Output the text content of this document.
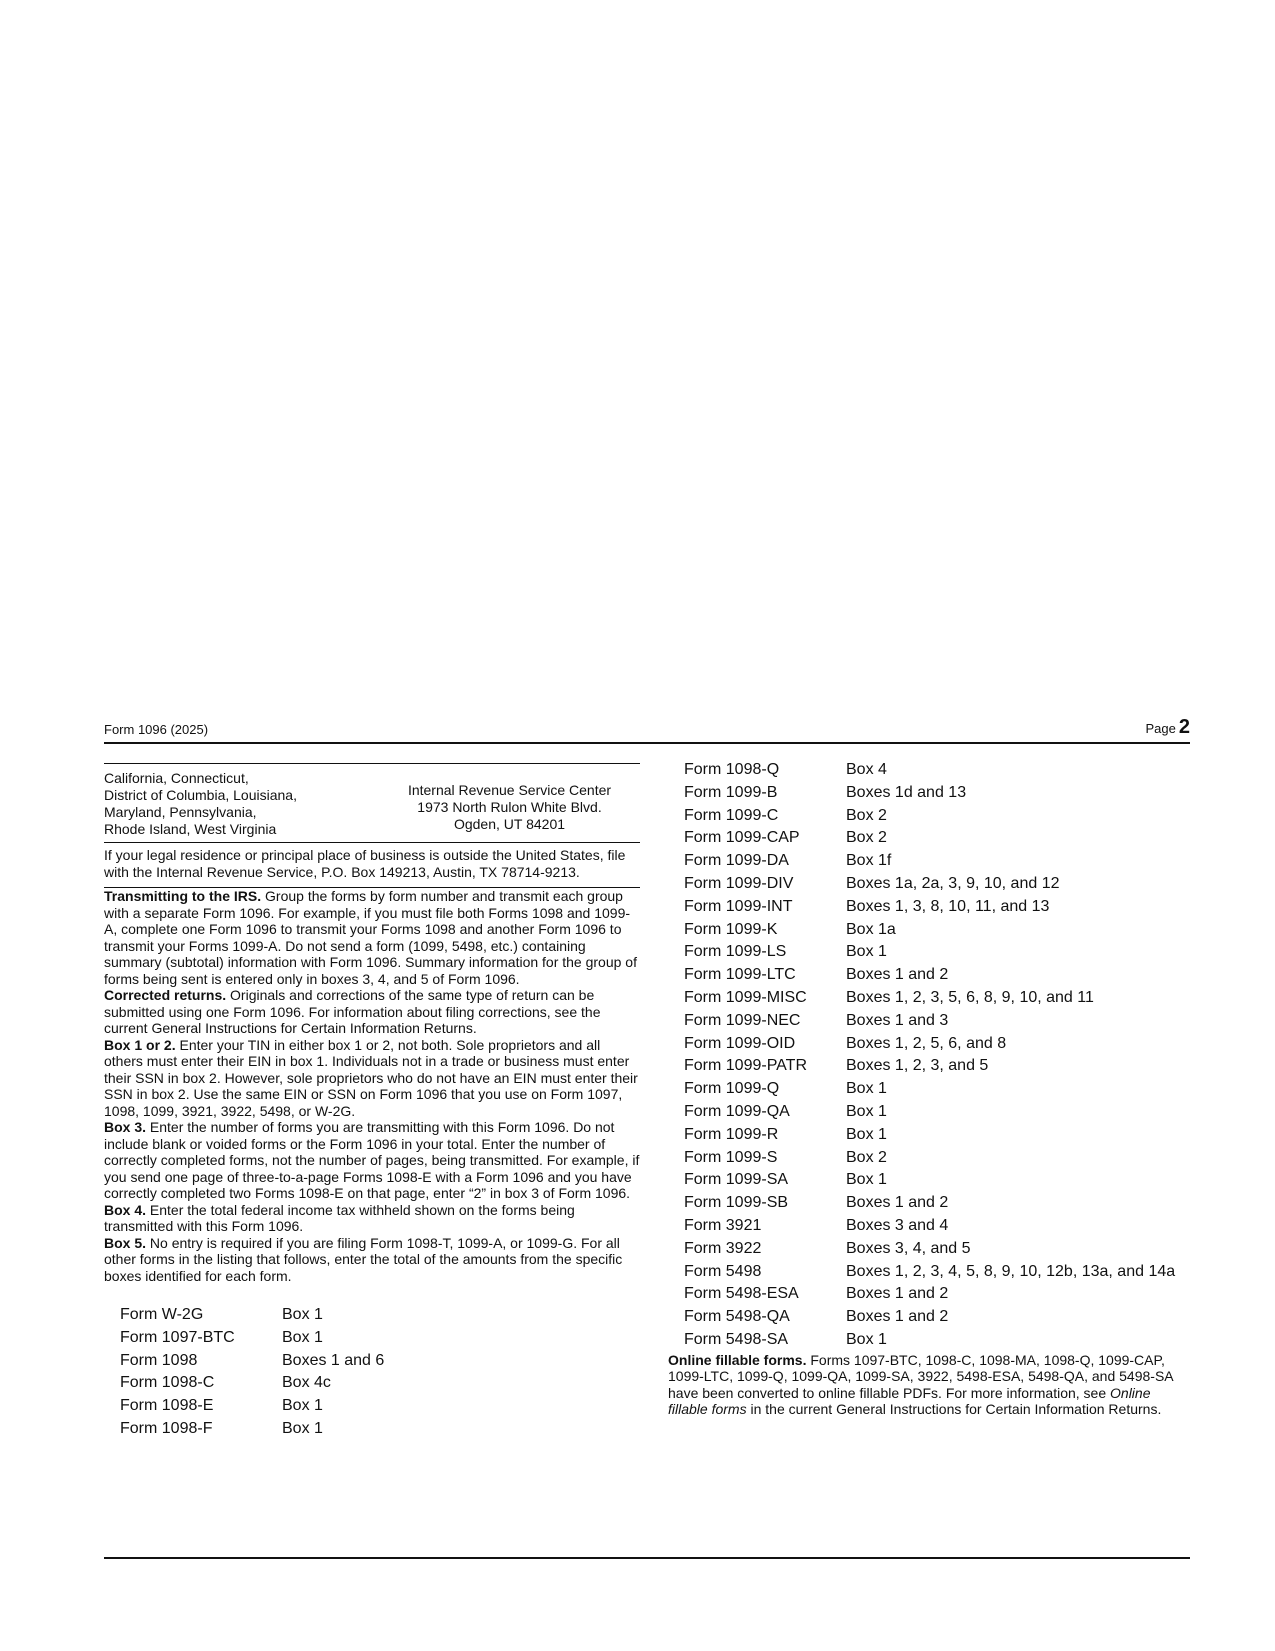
Form 1096 (2025)	Page 2
California, Connecticut,
District of Columbia, Louisiana,
Maryland, Pennsylvania,
Rhode Island, West Virginia
Internal Revenue Service Center
1973 North Rulon White Blvd.
Ogden, UT 84201
If your legal residence or principal place of business is outside the United States, file with the Internal Revenue Service, P.O. Box 149213, Austin, TX 78714-9213.

Transmitting to the IRS. Group the forms by form number and transmit each group with a separate Form 1096. For example, if you must file both Forms 1098 and 1099-A, complete one Form 1096 to transmit your Forms 1098 and another Form 1096 to transmit your Forms 1099-A. Do not send a form (1099, 5498, etc.) containing summary (subtotal) information with Form 1096. Summary information for the group of forms being sent is entered only in boxes 3, 4, and 5 of Form 1096.

Corrected returns. Originals and corrections of the same type of return can be submitted using one Form 1096. For information about filing corrections, see the current General Instructions for Certain Information Returns.

Box 1 or 2. Enter your TIN in either box 1 or 2, not both. Sole proprietors and all others must enter their EIN in box 1. Individuals not in a trade or business must enter their SSN in box 2. However, sole proprietors who do not have an EIN must enter their SSN in box 2. Use the same EIN or SSN on Form 1096 that you use on Form 1097, 1098, 1099, 3921, 3922, 5498, or W-2G.

Box 3. Enter the number of forms you are transmitting with this Form 1096. Do not include blank or voided forms or the Form 1096 in your total. Enter the number of correctly completed forms, not the number of pages, being transmitted. For example, if you send one page of three-to-a-page Forms 1098-E with a Form 1096 and you have correctly completed two Forms 1098-E on that page, enter “2” in box 3 of Form 1096.

Box 4. Enter the total federal income tax withheld shown on the forms being transmitted with this Form 1096.

Box 5. No entry is required if you are filing Form 1098-T, 1099-A, or 1099-G. For all other forms in the listing that follows, enter the total of the amounts from the specific boxes identified for each form.

Form W-2G	Box 1
Form 1097-BTC	Box 1
Form 1098	Boxes 1 and 6
Form 1098-C	Box 4c
Form 1098-E	Box 1
Form 1098-F	Box 1
Form 1098-Q	Box 4
Form 1099-B	Boxes 1d and 13
Form 1099-C	Box 2
Form 1099-CAP	Box 2
Form 1099-DA	Box 1f
Form 1099-DIV	Boxes 1a, 2a, 3, 9, 10, and 12
Form 1099-INT	Boxes 1, 3, 8, 10, 11, and 13
Form 1099-K	Box 1a
Form 1099-LS	Box 1
Form 1099-LTC	Boxes 1 and 2
Form 1099-MISC	Boxes 1, 2, 3, 5, 6, 8, 9, 10, and 11
Form 1099-NEC	Boxes 1 and 3
Form 1099-OID	Boxes 1, 2, 5, 6, and 8
Form 1099-PATR	Boxes 1, 2, 3, and 5
Form 1099-Q	Box 1
Form 1099-QA	Box 1
Form 1099-R	Box 1
Form 1099-S	Box 2
Form 1099-SA	Box 1
Form 1099-SB	Boxes 1 and 2
Form 3921	Boxes 3 and 4
Form 3922	Boxes 3, 4, and 5
Form 5498	Boxes 1, 2, 3, 4, 5, 8, 9, 10, 12b, 13a, and 14a
Form 5498-ESA	Boxes 1 and 2
Form 5498-QA	Boxes 1 and 2
Form 5498-SA	Box 1

Online fillable forms. Forms 1097-BTC, 1098-C, 1098-MA, 1098-Q, 1099-CAP, 1099-LTC, 1099-Q, 1099-QA, 1099-SA, 3922, 5498-ESA, 5498-QA, and 5498-SA have been converted to online fillable PDFs. For more information, see Online fillable forms in the current General Instructions for Certain Information Returns.
